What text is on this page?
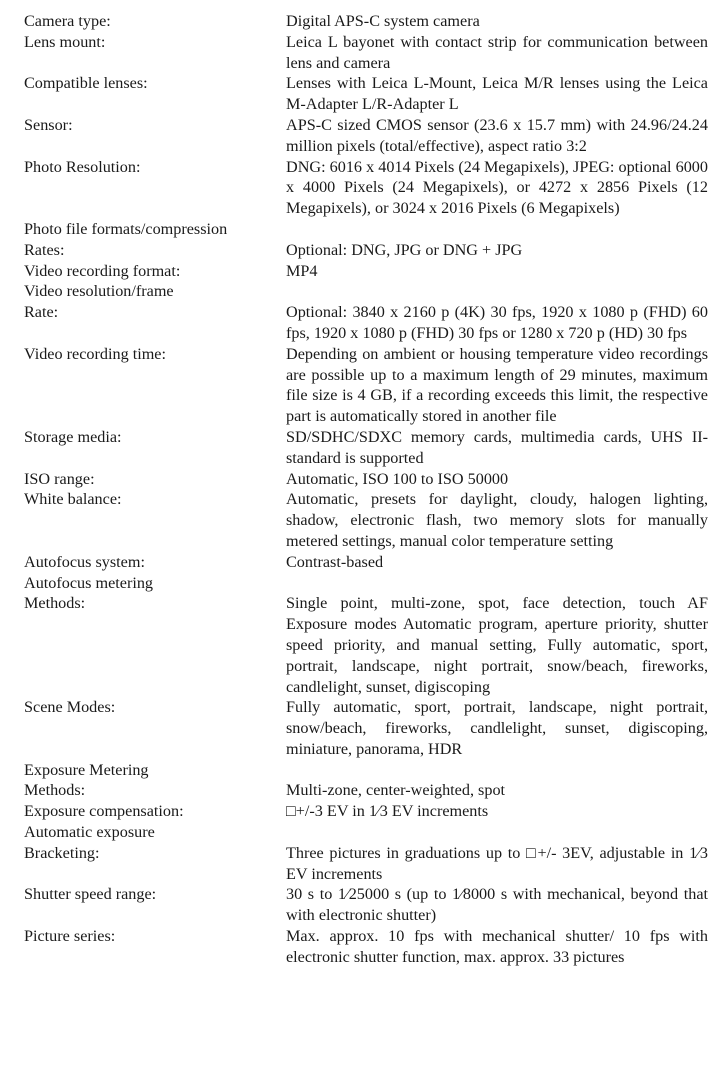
Camera type:	Digital APS-C system camera
Lens mount:	Leica L bayonet with contact strip for communication between lens and camera
Compatible lenses:	Lenses with Leica L-Mount, Leica M/R lenses using the Leica M-Adapter L/R-Adapter L
Sensor:	APS-C sized CMOS sensor (23.6 x 15.7 mm) with 24.96/24.24 million pixels (total/effective), aspect ratio 3:2
Photo Resolution:	DNG: 6016 x 4014 Pixels (24 Megapixels), JPEG: optional 6000 x 4000 Pixels (24 Megapixels), or 4272 x 2856 Pixels (12 Megapixels), or 3024 x 2016 Pixels (6 Megapixels)
Photo file formats/compression
Rates:	Optional: DNG, JPG or DNG + JPG
Video recording format:	MP4
Video resolution/frame
Rate:	Optional: 3840 x 2160 p (4K) 30 fps, 1920 x 1080 p (FHD) 60 fps, 1920 x 1080 p (FHD) 30 fps or 1280 x 720 p (HD) 30 fps
Video recording time:	Depending on ambient or housing temperature video recordings are possible up to a maximum length of 29 minutes, maximum file size is 4 GB, if a recording exceeds this limit, the respective part is automatically stored in another file
Storage media:	SD/SDHC/SDXC memory cards, multimedia cards, UHS II-standard is supported
ISO range:	Automatic, ISO 100 to ISO 50000
White balance:	Automatic, presets for daylight, cloudy, halogen lighting, shadow, electronic flash, two memory slots for manually metered settings, manual color temperature setting
Autofocus system:	Contrast-based
Autofocus metering
Methods:	Single point, multi-zone, spot, face detection, touch AF Exposure modes Automatic program, aperture priority, shutter speed priority, and manual setting, Fully automatic, sport, portrait, landscape, night portrait, snow/beach, fireworks, candlelight, sunset, digiscoping
Scene Modes:	Fully automatic, sport, portrait, landscape, night portrait, snow/beach, fireworks, candlelight, sunset, digiscoping, miniature, panorama, HDR
Exposure Metering
Methods:	Multi-zone, center-weighted, spot
Exposure compensation:	□+/-3 EV in 1⁄3 EV increments
Automatic exposure
Bracketing:	Three pictures in graduations up to □+/- 3EV, adjustable in 1⁄3 EV increments
Shutter speed range:	30 s to 1⁄25000 s (up to 1⁄8000 s with mechanical, beyond that with electronic shutter)
Picture series:	Max. approx. 10 fps with mechanical shutter/ 10 fps with electronic shutter function, max. approx. 33 pictures
